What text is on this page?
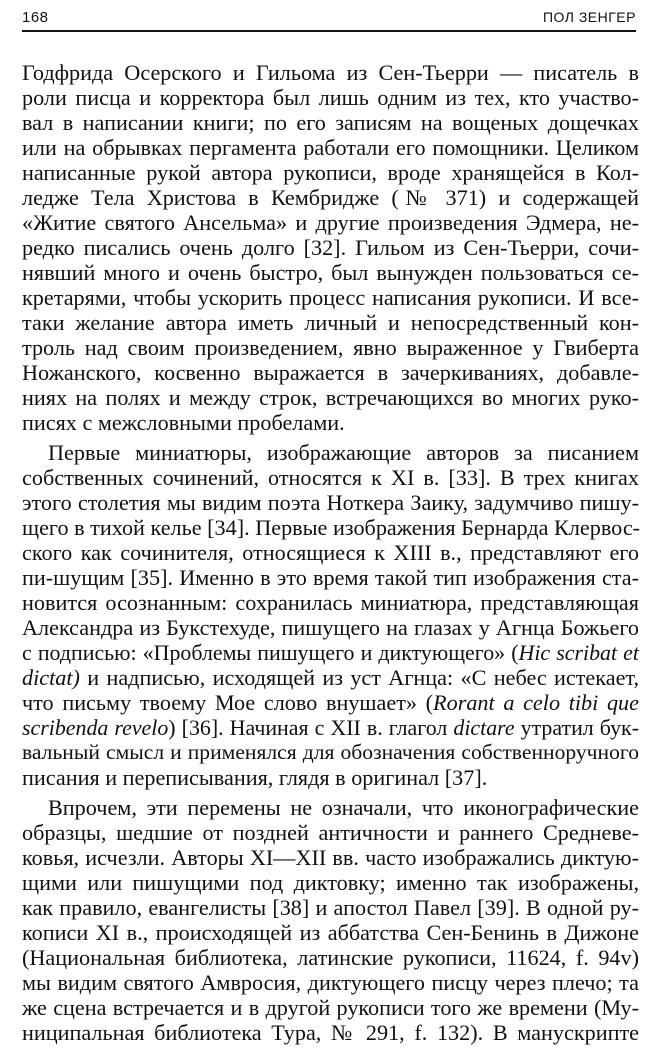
168	ПОЛ ЗЕНГЕР
Годфрида Осерского и Гильома из Сен-Тьерри — писатель в
роли писца и корректора был лишь одним из тех, кто участво-
вал в написании книги; по его записям на вощеных дощечках
или на обрывках пергамента работали его помощники. Целиком
написанные рукой автора рукописи, вроде хранящейся в Кол-
ледже Тела Христова в Кембридже (№ 371) и содержащей
«Житие святого Ансельма» и другие произведения Эдмера, не-
редко писались очень долго [32]. Гильом из Сен-Тьерри, сочи-
нявший много и очень быстро, был вынужден пользоваться се-
кретарями, чтобы ускорить процесс написания рукописи. И все-
таки желание автора иметь личный и непосредственный кон-
троль над своим произведением, явно выраженное у Гвиберта
Ножанского, косвенно выражается в зачеркиваниях, добавле-
ниях на полях и между строк, встречающихся во многих руко-
писях с межсловными пробелами.
Первые миниатюры, изображающие авторов за писанием
собственных сочинений, относятся к XI в. [33]. В трех книгах
этого столетия мы видим поэта Ноткера Заику, задумчиво пишу-
щего в тихой келье [34]. Первые изображения Бернарда Клервос-
ского как сочинителя, относящиеся к XIII в., представляют его
пи-шущим [35]. Именно в это время такой тип изображения ста-
новится осознанным: сохранилась миниатюра, представляющая
Александра из Букстехуде, пишущего на глазах у Агнца Божьего
с подписью: «Проблемы пишущего и диктующего» (Hic scribat et
dictat) и надписью, исходящей из уст Агнца: «С небес истекает,
что письму твоему Мое слово внушает» (Rorant a celo tibi que
scribenda revelo) [36]. Начиная с XII в. глагол dictare утратил бук-
вальный смысл и применялся для обозначения собственноручного
писания и переписывания, глядя в оригинал [37].
Впрочем, эти перемены не означали, что иконографические
образцы, шедшие от поздней античности и раннего Средневе-
ковья, исчезли. Авторы XI—XII вв. часто изображались диктую-
щими или пишущими под диктовку; именно так изображены,
как правило, евангелисты [38] и апостол Павел [39]. В одной ру-
кописи XI в., происходящей из аббатства Сен-Бенинь в Дижоне
(Национальная библиотека, латинские рукописи, 11624, f. 94v)
мы видим святого Амвросия, диктующего писцу через плечо; та
же сцена встречается и в другой рукописи того же времени (Му-
ниципальная библиотека Тура, № 291, f. 132). В манускрипте
